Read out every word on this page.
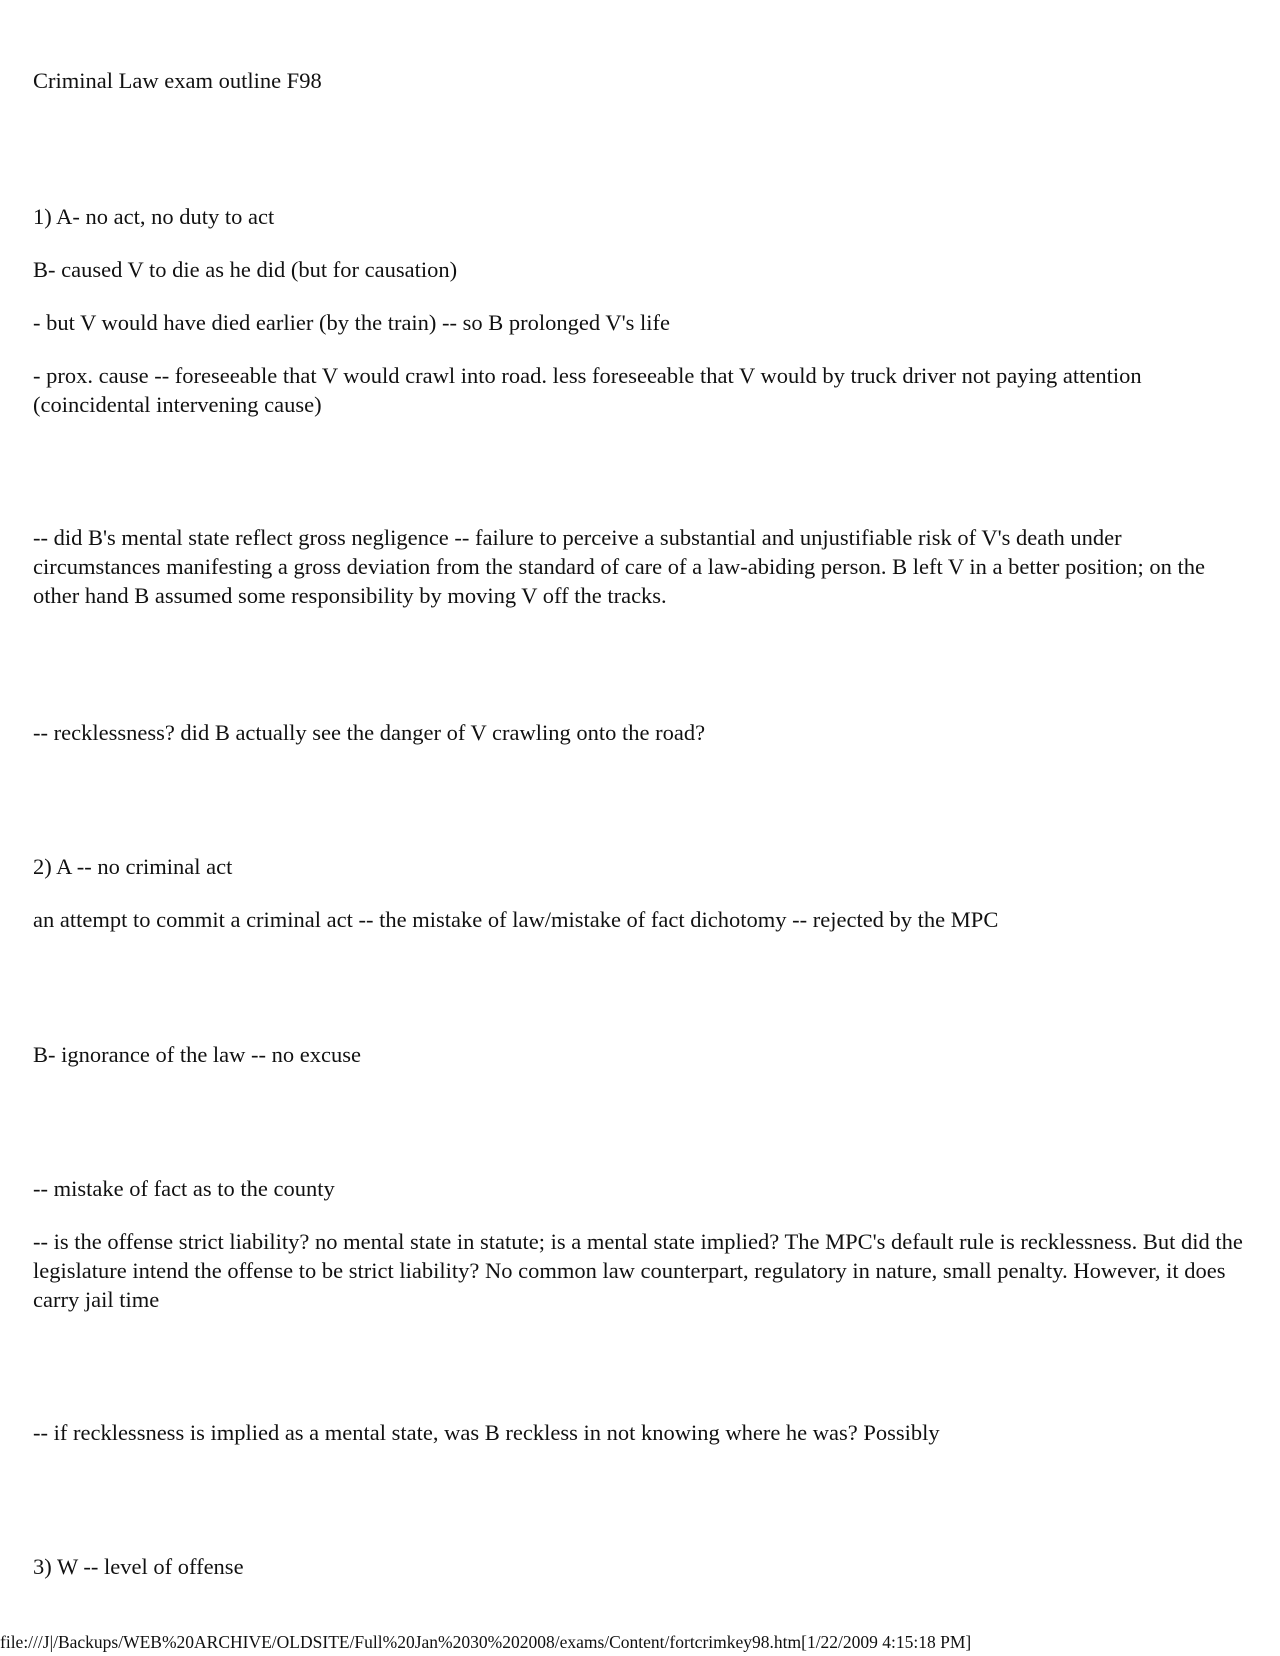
Criminal Law exam outline F98

1) A- no act, no duty to act

B- caused V to die as he did (but for causation)

- but V would have died earlier (by the train) -- so B prolonged V's life

- prox. cause -- foreseeable that V would crawl into road. less foreseeable that V would by truck driver not paying attention (coincidental intervening cause)

-- did B's mental state reflect gross negligence -- failure to perceive a substantial and unjustifiable risk of V's death under circumstances manifesting a gross deviation from the standard of care of a law-abiding person. B left V in a better position; on the other hand B assumed some responsibility by moving V off the tracks.

-- recklessness? did B actually see the danger of V crawling onto the road?

2) A -- no criminal act

an attempt to commit a criminal act -- the mistake of law/mistake of fact dichotomy -- rejected by the MPC

B- ignorance of the law -- no excuse

-- mistake of fact as to the county

-- is the offense strict liability? no mental state in statute; is a mental state implied? The MPC's default rule is recklessness. But did the legislature intend the offense to be strict liability? No common law counterpart, regulatory in nature, small penalty. However, it does carry jail time

-- if recklessness is implied as a mental state, was B reckless in not knowing where he was? Possibly

3) W -- level of offense

file:///J|/Backups/WEB%20ARCHIVE/OLDSITE/Full%20Jan%2030%202008/exams/Content/fortcrimkey98.htm[1/22/2009 4:15:18 PM]
